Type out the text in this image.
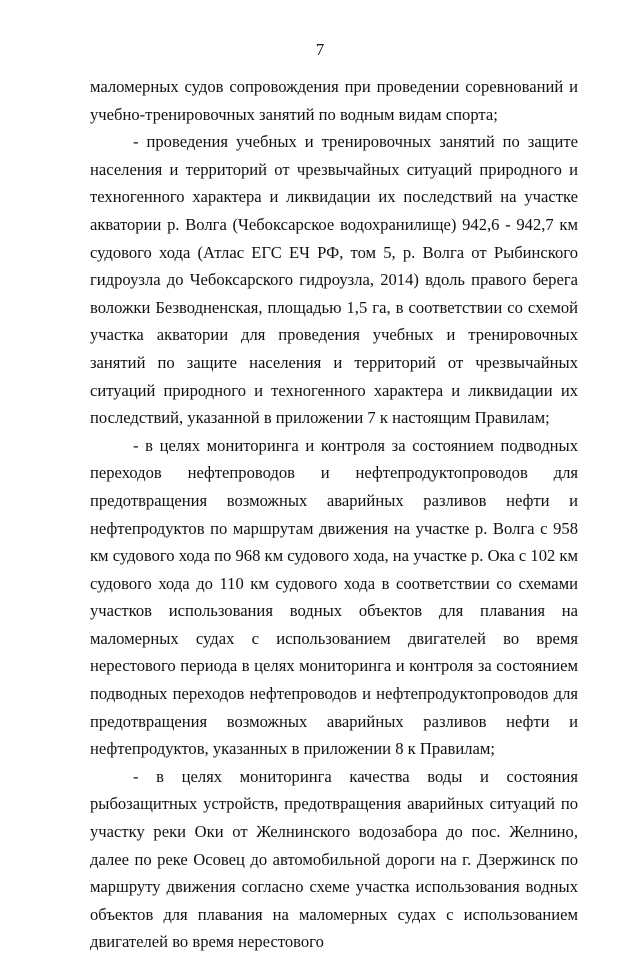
7

маломерных судов сопровождения при проведении соревнований и учебно-тренировочных занятий по водным видам спорта;

- проведения учебных и тренировочных занятий по защите населения и территорий от чрезвычайных ситуаций природного и техногенного характера и ликвидации их последствий на участке акватории р. Волга (Чебоксарское водохранилище) 942,6 - 942,7 км судового хода (Атлас ЕГС ЕЧ РФ, том 5, р. Волга от Рыбинского гидроузла до Чебоксарского гидроузла, 2014) вдоль правого берега воложки Безводненская, площадью 1,5 га, в соответствии со схемой участка акватории для проведения учебных и тренировочных занятий по защите населения и территорий от чрезвычайных ситуаций природного и техногенного характера и ликвидации их последствий, указанной в приложении 7 к настоящим Правилам;

- в целях мониторинга и контроля за состоянием подводных переходов нефтепроводов и нефтепродуктопроводов для предотвращения возможных аварийных разливов нефти и нефтепродуктов по маршрутам движения на участке р. Волга с 958 км судового хода по 968 км судового хода, на участке р. Ока с 102 км судового хода до 110 км судового хода в соответствии со схемами участков использования водных объектов для плавания на маломерных судах с использованием двигателей во время нерестового периода в целях мониторинга и контроля за состоянием подводных переходов нефтепроводов и нефтепродуктопроводов для предотвращения возможных аварийных разливов нефти и нефтепродуктов, указанных в приложении 8 к Правилам;

- в целях мониторинга качества воды и состояния рыбозащитных устройств, предотвращения аварийных ситуаций по участку реки Оки от Желнинского водозабора до пос. Желнино, далее по реке Осовец до автомобильной дороги на г. Дзержинск по маршруту движения согласно схеме участка использования водных объектов для плавания на маломерных судах с использованием двигателей во время нерестового
